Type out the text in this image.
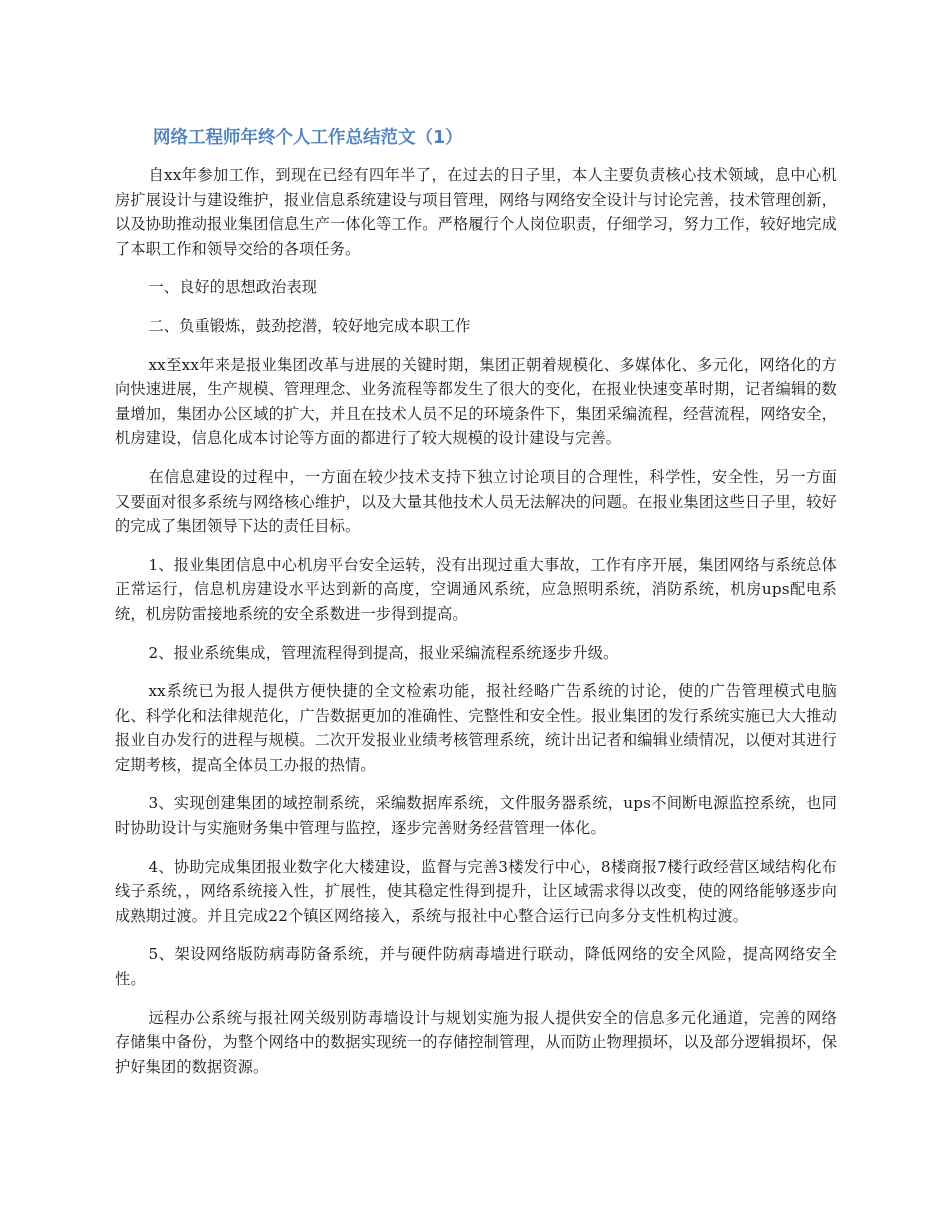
网络工程师年终个人工作总结范文（1）

自xx年参加工作，到现在已经有四年半了，在过去的日子里，本人主要负责核心技术领域，息中心机房扩展设计与建设维护，报业信息系统建设与项目管理，网络与网络安全设计与讨论完善，技术管理创新，以及协助推动报业集团信息生产一体化等工作。严格履行个人岗位职责，仔细学习，努力工作，较好地完成了本职工作和领导交给的各项任务。

一、良好的思想政治表现

二、负重锻炼，鼓劲挖潜，较好地完成本职工作

xx至xx年来是报业集团改革与进展的关键时期，集团正朝着规模化、多媒体化、多元化，网络化的方向快速进展，生产规模、管理理念、业务流程等都发生了很大的变化，在报业快速变革时期，记者编辑的数量增加，集团办公区域的扩大，并且在技术人员不足的环境条件下，集团采编流程，经营流程，网络安全，机房建设，信息化成本讨论等方面的都进行了较大规模的设计建设与完善。

在信息建设的过程中，一方面在较少技术支持下独立讨论项目的合理性，科学性，安全性，另一方面又要面对很多系统与网络核心维护，以及大量其他技术人员无法解决的问题。在报业集团这些日子里，较好的完成了集团领导下达的责任目标。

1、报业集团信息中心机房平台安全运转，没有出现过重大事故，工作有序开展，集团网络与系统总体正常运行，信息机房建设水平达到新的高度，空调通风系统，应急照明系统，消防系统，机房ups配电系统，机房防雷接地系统的安全系数进一步得到提高。

2、报业系统集成，管理流程得到提高，报业采编流程系统逐步升级。

xx系统已为报人提供方便快捷的全文检索功能，报社经略广告系统的讨论，使的广告管理模式电脑化、科学化和法律规范化，广告数据更加的准确性、完整性和安全性。报业集团的发行系统实施已大大推动报业自办发行的进程与规模。二次开发报业业绩考核管理系统，统计出记者和编辑业绩情况，以便对其进行定期考核，提高全体员工办报的热情。

3、实现创建集团的域控制系统，采编数据库系统，文件服务器系统，ups不间断电源监控系统，也同时协助设计与实施财务集中管理与监控，逐步完善财务经营管理一体化。

4、协助完成集团报业数字化大楼建设，监督与完善3楼发行中心，8楼商报7楼行政经营区域结构化布线子系统，，网络系统接入性，扩展性，使其稳定性得到提升，让区域需求得以改变，使的网络能够逐步向成熟期过渡。并且完成22个镇区网络接入，系统与报社中心整合运行已向多分支性机构过渡。

5、架设网络版防病毒防备系统，并与硬件防病毒墙进行联动，降低网络的安全风险，提高网络安全性。

远程办公系统与报社网关级别防毒墙设计与规划实施为报人提供安全的信息多元化通道，完善的网络存储集中备份，为整个网络中的数据实现统一的存储控制管理，从而防止物理损坏，以及部分逻辑损坏，保护好集团的数据资源。
